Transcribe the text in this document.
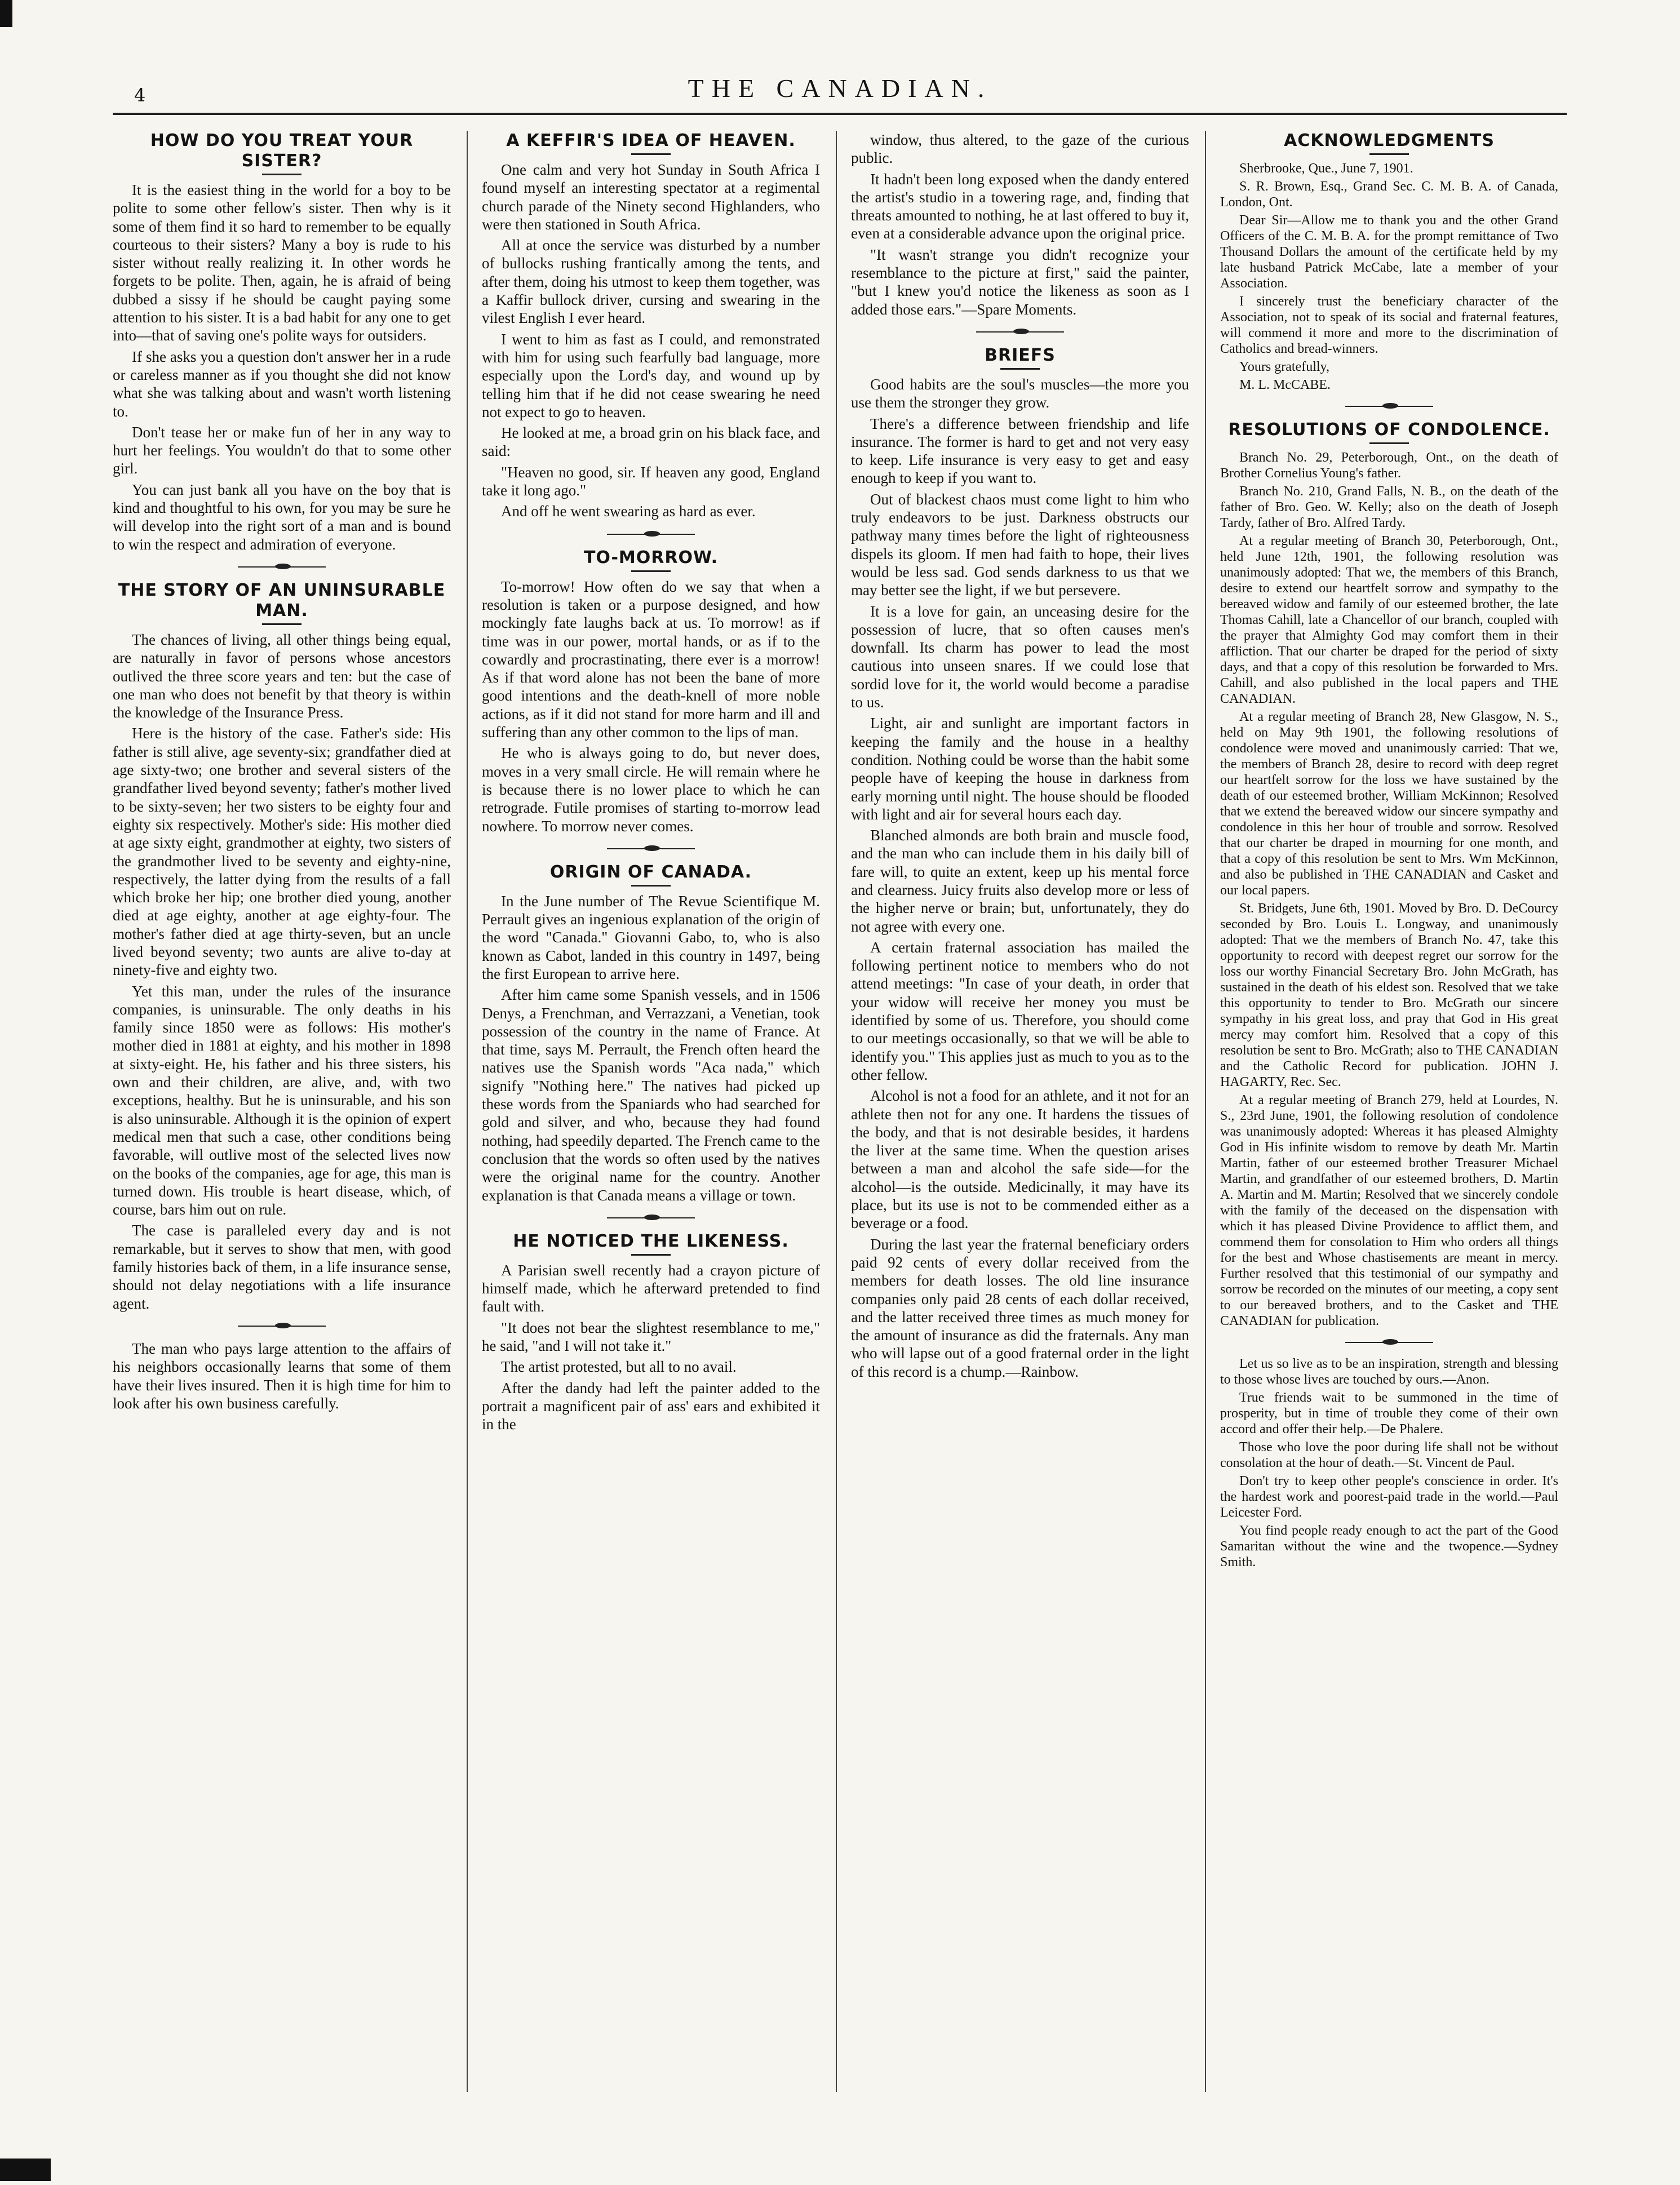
4	THE CANADIAN.
HOW DO YOU TREAT YOUR SISTER?

It is the easiest thing in the world for a boy to be polite to some other fellow's sister. Then why is it some of them find it so hard to remember to be equally courteous to their sisters? Many a boy is rude to his sister without really realizing it. In other words he forgets to be polite. Then, again, he is afraid of being dubbed a sissy if he should be caught paying some attention to his sister. It is a bad habit for any one to get into—that of saving one's polite ways for outsiders.

If she asks you a question don't answer her in a rude or careless manner as if you thought she did not know what she was talking about and wasn't worth listening to.

Don't tease her or make fun of her in any way to hurt her feelings. You wouldn't do that to some other girl.

You can just bank all you have on the boy that is kind and thoughtful to his own, for you may be sure he will develop into the right sort of a man and is bound to win the respect and admiration of everyone.

THE STORY OF AN UNINSURABLE MAN.

The chances of living, all other things being equal, are naturally in favor of persons whose ancestors outlived the three score years and ten: but the case of one man who does not benefit by that theory is within the knowledge of the Insurance Press.

Here is the history of the case. Father's side: His father is still alive, age seventy-six; grandfather died at age sixty-two; one brother and several sisters of the grandfather lived beyond seventy; father's mother lived to be sixty-seven; her two sisters to be eighty four and eighty six respectively. Mother's side: His mother died at age sixty eight, grandmother at eighty, two sisters of the grandmother lived to be seventy and eighty-nine, respectively, the latter dying from the results of a fall which broke her hip; one brother died young, another died at age eighty, another at age eighty-four. The mother's father died at age thirty-seven, but an uncle lived beyond seventy; two aunts are alive to-day at ninety-five and eighty two.

Yet this man, under the rules of the insurance companies, is uninsurable. The only deaths in his family since 1850 were as follows: His mother's mother died in 1881 at eighty, and his mother in 1898 at sixty-eight. He, his father and his three sisters, his own and their children, are alive, and, with two exceptions, healthy. But he is uninsurable, and his son is also uninsurable. Although it is the opinion of expert medical men that such a case, other conditions being favorable, will outlive most of the selected lives now on the books of the companies, age for age, this man is turned down. His trouble is heart disease, which, of course, bars him out on rule.

The case is paralleled every day and is not remarkable, but it serves to show that men, with good family histories back of them, in a life insurance sense, should not delay negotiations with a life insurance agent.

The man who pays large attention to the affairs of his neighbors occasionally learns that some of them have their lives insured. Then it is high time for him to look after his own business carefully.

A KEFFIR'S IDEA OF HEAVEN.

One calm and very hot Sunday in South Africa I found myself an interesting spectator at a regimental church parade of the Ninety second Highlanders, who were then stationed in South Africa.

All at once the service was disturbed by a number of bullocks rushing frantically among the tents, and after them, doing his utmost to keep them together, was a Kaffir bullock driver, cursing and swearing in the vilest English I ever heard.

I went to him as fast as I could, and remonstrated with him for using such fearfully bad language, more especially upon the Lord's day, and wound up by telling him that if he did not cease swearing he need not expect to go to heaven.

He looked at me, a broad grin on his black face, and said:

"Heaven no good, sir. If heaven any good, England take it long ago."

And off he went swearing as hard as ever.

TO-MORROW.

To-morrow! How often do we say that when a resolution is taken or a purpose designed, and how mockingly fate laughs back at us. To morrow! as if time was in our power, mortal hands, or as if to the cowardly and procrastinating, there ever is a morrow! As if that word alone has not been the bane of more good intentions and the death-knell of more noble actions, as if it did not stand for more harm and ill and suffering than any other common to the lips of man.

He who is always going to do, but never does, moves in a very small circle. He will remain where he is because there is no lower place to which he can retrograde. Futile promises of starting to-morrow lead nowhere. To morrow never comes.

ORIGIN OF CANADA.

In the June number of The Revue Scientifique M. Perrault gives an ingenious explanation of the origin of the word "Canada." Giovanni Gabo, to, who is also known as Cabot, landed in this country in 1497, being the first European to arrive here.

After him came some Spanish vessels, and in 1506 Denys, a Frenchman, and Verrazzani, a Venetian, took possession of the country in the name of France. At that time, says M. Perrault, the French often heard the natives use the Spanish words "Aca nada," which signify "Nothing here." The natives had picked up these words from the Spaniards who had searched for gold and silver, and who, because they had found nothing, had speedily departed. The French came to the conclusion that the words so often used by the natives were the original name for the country. Another explanation is that Canada means a village or town.

HE NOTICED THE LIKENESS.

A Parisian swell recently had a crayon picture of himself made, which he afterward pretended to find fault with.

"It does not bear the slightest resemblance to me," he said, "and I will not take it."

The artist protested, but all to no avail.

After the dandy had left the painter added to the portrait a magnificent pair of ass' ears and exhibited it in the

window, thus altered, to the gaze of the curious public.

It hadn't been long exposed when the dandy entered the artist's studio in a towering rage, and, finding that threats amounted to nothing, he at last offered to buy it, even at a considerable advance upon the original price.

"It wasn't strange you didn't recognize your resemblance to the picture at first," said the painter, "but I knew you'd notice the likeness as soon as I added those ears."—Spare Moments.

BRIEFS

Good habits are the soul's muscles—the more you use them the stronger they grow.

There's a difference between friendship and life insurance. The former is hard to get and not very easy to keep. Life insurance is very easy to get and easy enough to keep if you want to.

Out of blackest chaos must come light to him who truly endeavors to be just. Darkness obstructs our pathway many times before the light of righteousness dispels its gloom. If men had faith to hope, their lives would be less sad. God sends darkness to us that we may better see the light, if we but persevere.

It is a love for gain, an unceasing desire for the possession of lucre, that so often causes men's downfall. Its charm has power to lead the most cautious into unseen snares. If we could lose that sordid love for it, the world would become a paradise to us.

Light, air and sunlight are important factors in keeping the family and the house in a healthy condition. Nothing could be worse than the habit some people have of keeping the house in darkness from early morning until night. The house should be flooded with light and air for several hours each day.

Blanched almonds are both brain and muscle food, and the man who can include them in his daily bill of fare will, to quite an extent, keep up his mental force and clearness. Juicy fruits also develop more or less of the higher nerve or brain; but, unfortunately, they do not agree with every one.

A certain fraternal association has mailed the following pertinent notice to members who do not attend meetings: "In case of your death, in order that your widow will receive her money you must be identified by some of us. Therefore, you should come to our meetings occasionally, so that we will be able to identify you." This applies just as much to you as to the other fellow.

Alcohol is not a food for an athlete, and it not for an athlete then not for any one. It hardens the tissues of the body, and that is not desirable besides, it hardens the liver at the same time. When the question arises between a man and alcohol the safe side—for the alcohol—is the outside. Medicinally, it may have its place, but its use is not to be commended either as a beverage or a food.

During the last year the fraternal beneficiary orders paid 92 cents of every dollar received from the members for death losses. The old line insurance companies only paid 28 cents of each dollar received, and the latter received three times as much money for the amount of insurance as did the fraternals. Any man who will lapse out of a good fraternal order in the light of this record is a chump.—Rainbow.

ACKNOWLEDGMENTS

Sherbrooke, Que., June 7, 1901.

S. R. Brown, Esq., Grand Sec. C. M. B. A. of Canada, London, Ont.

Dear Sir—Allow me to thank you and the other Grand Officers of the C. M. B. A. for the prompt remittance of Two Thousand Dollars the amount of the certificate held by my late husband Patrick McCabe, late a member of your Association.

I sincerely trust the beneficiary character of the Association, not to speak of its social and fraternal features, will commend it more and more to the discrimination of Catholics and bread-winners.

Yours gratefully,

M. L. McCABE.

RESOLUTIONS OF CONDOLENCE.

Branch No. 29, Peterborough, Ont., on the death of Brother Cornelius Young's father.

Branch No. 210, Grand Falls, N. B., on the death of the father of Bro. Geo. W. Kelly; also on the death of Joseph Tardy, father of Bro. Alfred Tardy.

At a regular meeting of Branch 30, Peterborough, Ont., held June 12th, 1901, the following resolution was unanimously adopted: That we, the members of this Branch, desire to extend our heartfelt sorrow and sympathy to the bereaved widow and family of our esteemed brother, the late Thomas Cahill, late a Chancellor of our branch, coupled with the prayer that Almighty God may comfort them in their affliction. That our charter be draped for the period of sixty days, and that a copy of this resolution be forwarded to Mrs. Cahill, and also published in the local papers and THE CANADIAN.

At a regular meeting of Branch 28, New Glasgow, N. S., held on May 9th 1901, the following resolutions of condolence were moved and unanimously carried: That we, the members of Branch 28, desire to record with deep regret our heartfelt sorrow for the loss we have sustained by the death of our esteemed brother, William McKinnon; Resolved that we extend the bereaved widow our sincere sympathy and condolence in this her hour of trouble and sorrow. Resolved that our charter be draped in mourning for one month, and that a copy of this resolution be sent to Mrs. Wm McKinnon, and also be published in THE CANADIAN and Casket and our local papers.

St. Bridgets, June 6th, 1901. Moved by Bro. D. DeCourcy seconded by Bro. Louis L. Longway, and unanimously adopted: That we the members of Branch No. 47, take this opportunity to record with deepest regret our sorrow for the loss our worthy Financial Secretary Bro. John McGrath, has sustained in the death of his eldest son. Resolved that we take this opportunity to tender to Bro. McGrath our sincere sympathy in his great loss, and pray that God in His great mercy may comfort him. Resolved that a copy of this resolution be sent to Bro. McGrath; also to THE CANADIAN and the Catholic Record for publication. JOHN J. HAGARTY, Rec. Sec.

At a regular meeting of Branch 279, held at Lourdes, N. S., 23rd June, 1901, the following resolution of condolence was unanimously adopted: Whereas it has pleased Almighty God in His infinite wisdom to remove by death Mr. Martin Martin, father of our esteemed brother Treasurer Michael Martin, and grandfather of our esteemed brothers, D. Martin A. Martin and M. Martin; Resolved that we sincerely condole with the family of the deceased on the dispensation with which it has pleased Divine Providence to afflict them, and commend them for consolation to Him who orders all things for the best and Whose chastisements are meant in mercy. Further resolved that this testimonial of our sympathy and sorrow be recorded on the minutes of our meeting, a copy sent to our bereaved brothers, and to the Casket and THE CANADIAN for publication.

Let us so live as to be an inspiration, strength and blessing to those whose lives are touched by ours.—Anon.

True friends wait to be summoned in the time of prosperity, but in time of trouble they come of their own accord and offer their help.—De Phalere.

Those who love the poor during life shall not be without consolation at the hour of death.—St. Vincent de Paul.

Don't try to keep other people's conscience in order. It's the hardest work and poorest-paid trade in the world.—Paul Leicester Ford.

You find people ready enough to act the part of the Good Samaritan without the wine and the twopence.—Sydney Smith.
